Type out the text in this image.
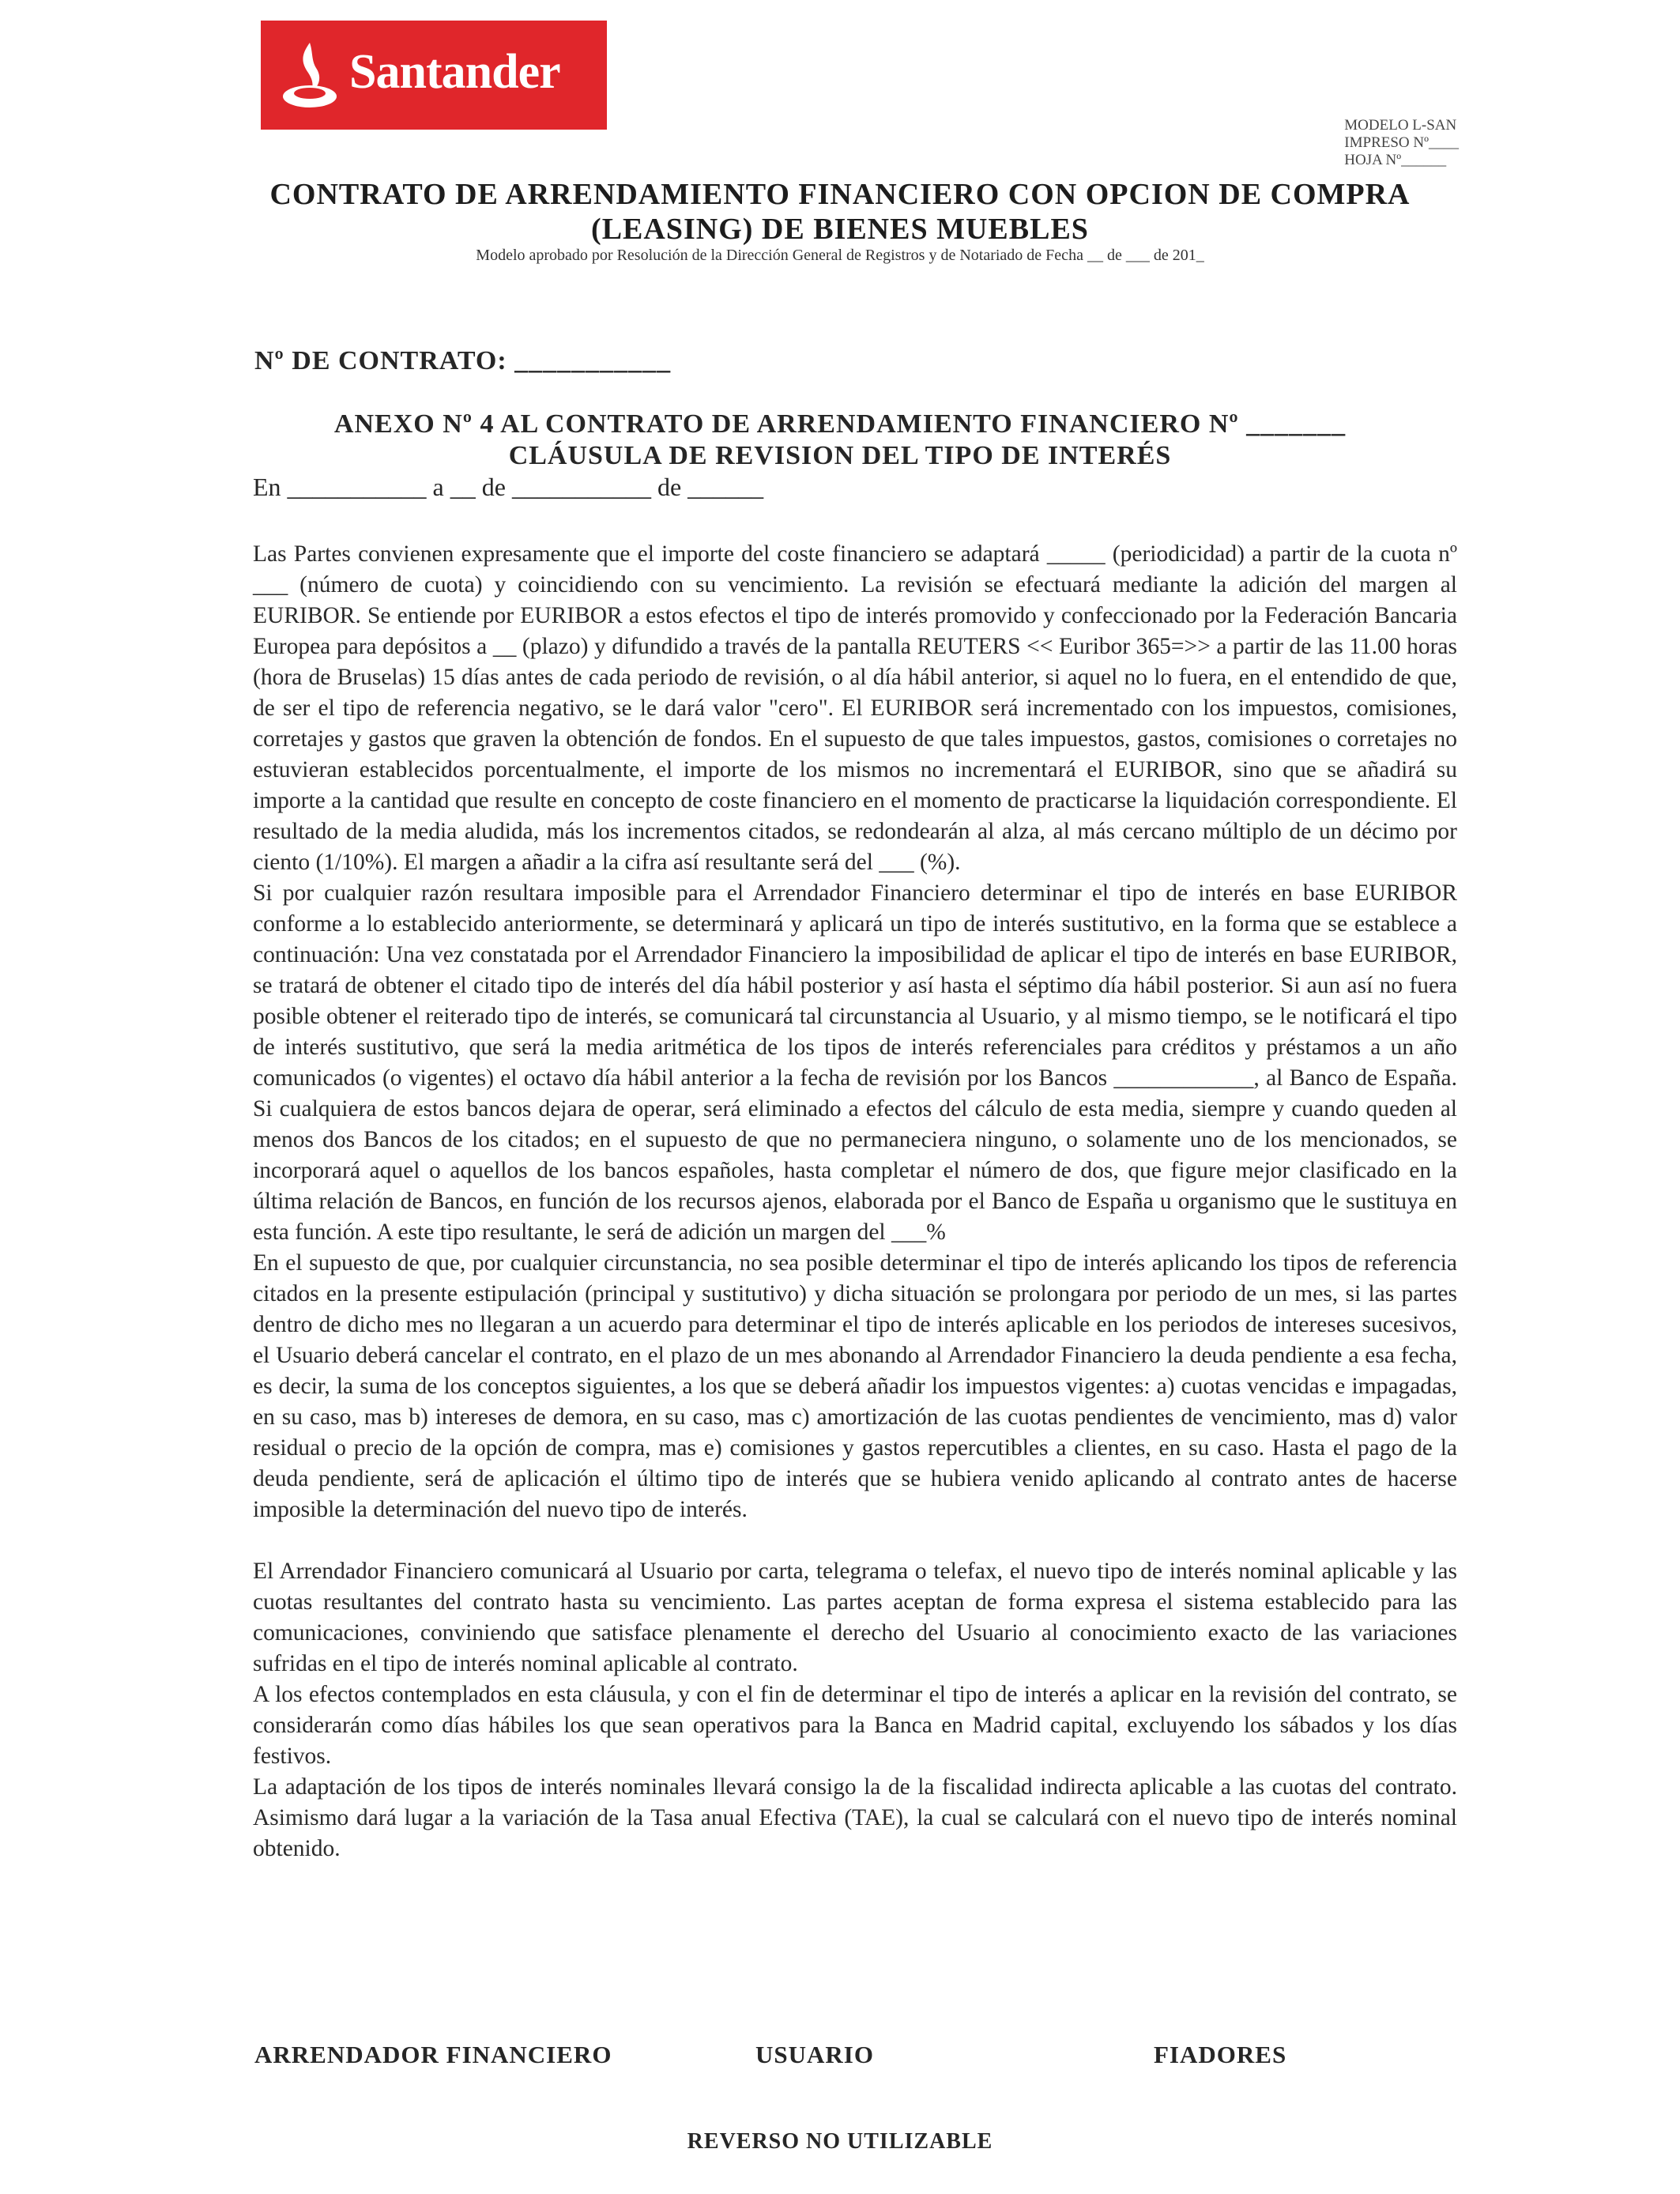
Santander
MODELO L-SAN
IMPRESO Nº____
HOJA Nº______
CONTRATO DE ARRENDAMIENTO FINANCIERO CON OPCION DE COMPRA
(LEASING) DE BIENES MUEBLES
Modelo aprobado por Resolución de la Dirección General de Registros y de Notariado de Fecha __ de ___ de 201_
Nº DE CONTRATO: ___________
ANEXO Nº 4 AL CONTRATO DE ARRENDAMIENTO FINANCIERO Nº _______
CLÁUSULA DE REVISION DEL TIPO DE INTERÉS
En ___________ a __ de ___________ de ______

Las Partes convienen expresamente que el importe del coste financiero se adaptará _____ (periodicidad) a partir de la cuota nº ___ (número de cuota) y coincidiendo con su vencimiento. La revisión se efectuará mediante la adición del margen al EURIBOR. Se entiende por EURIBOR a estos efectos el tipo de interés promovido y confeccionado por la Federación Bancaria Europea para depósitos a __ (plazo) y difundido a través de la pantalla REUTERS << Euribor 365=>> a partir de las 11.00 horas (hora de Bruselas) 15 días antes de cada periodo de revisión, o al día hábil anterior, si aquel no lo fuera, en el entendido de que, de ser el tipo de referencia negativo, se le dará valor "cero". El EURIBOR será incrementado con los impuestos, comisiones, corretajes y gastos que graven la obtención de fondos. En el supuesto de que tales impuestos, gastos, comisiones o corretajes no estuvieran establecidos porcentualmente, el importe de los mismos no incrementará el EURIBOR, sino que se añadirá su importe a la cantidad que resulte en concepto de coste financiero en el momento de practicarse la liquidación correspondiente. El resultado de la media aludida, más los incrementos citados, se redondearán al alza, al más cercano múltiplo de un décimo por ciento (1/10%). El margen a añadir a la cifra así resultante será del ___ (%).

Si por cualquier razón resultara imposible para el Arrendador Financiero determinar el tipo de interés en base EURIBOR conforme a lo establecido anteriormente, se determinará y aplicará un tipo de interés sustitutivo, en la forma que se establece a continuación: Una vez constatada por el Arrendador Financiero la imposibilidad de aplicar el tipo de interés en base EURIBOR, se tratará de obtener el citado tipo de interés del día hábil posterior y así hasta el séptimo día hábil posterior. Si aun así no fuera posible obtener el reiterado tipo de interés, se comunicará tal circunstancia al Usuario, y al mismo tiempo, se le notificará el tipo de interés sustitutivo, que será la media aritmética de los tipos de interés referenciales para créditos y préstamos a un año comunicados (o vigentes) el octavo día hábil anterior a la fecha de revisión por los Bancos ____________, al Banco de España. Si cualquiera de estos bancos dejara de operar, será eliminado a efectos del cálculo de esta media, siempre y cuando queden al menos dos Bancos de los citados; en el supuesto de que no permaneciera ninguno, o solamente uno de los mencionados, se incorporará aquel o aquellos de los bancos españoles, hasta completar el número de dos, que figure mejor clasificado en la última relación de Bancos, en función de los recursos ajenos, elaborada por el Banco de España u organismo que le sustituya en esta función. A este tipo resultante, le será de adición un margen del ___%

En el supuesto de que, por cualquier circunstancia, no sea posible determinar el tipo de interés aplicando los tipos de referencia citados en la presente estipulación (principal y sustitutivo) y dicha situación se prolongara por periodo de un mes, si las partes dentro de dicho mes no llegaran a un acuerdo para determinar el tipo de interés aplicable en los periodos de intereses sucesivos, el Usuario deberá cancelar el contrato, en el plazo de un mes abonando al Arrendador Financiero la deuda pendiente a esa fecha, es decir, la suma de los conceptos siguientes, a los que se deberá añadir los impuestos vigentes: a) cuotas vencidas e impagadas, en su caso, mas b) intereses de demora, en su caso, mas c) amortización de las cuotas pendientes de vencimiento, mas d) valor residual o precio de la opción de compra, mas e) comisiones y gastos repercutibles a clientes, en su caso. Hasta el pago de la deuda pendiente, será de aplicación el último tipo de interés que se hubiera venido aplicando al contrato antes de hacerse imposible la determinación del nuevo tipo de interés.

El Arrendador Financiero comunicará al Usuario por carta, telegrama o telefax, el nuevo tipo de interés nominal aplicable y las cuotas resultantes del contrato hasta su vencimiento. Las partes aceptan de forma expresa el sistema establecido para las comunicaciones, conviniendo que satisface plenamente el derecho del Usuario al conocimiento exacto de las variaciones sufridas en el tipo de interés nominal aplicable al contrato.

A los efectos contemplados en esta cláusula, y con el fin de determinar el tipo de interés a aplicar en la revisión del contrato, se considerarán como días hábiles los que sean operativos para la Banca en Madrid capital, excluyendo los sábados y los días festivos.

La adaptación de los tipos de interés nominales llevará consigo la de la fiscalidad indirecta aplicable a las cuotas del contrato. Asimismo dará lugar a la variación de la Tasa anual Efectiva (TAE), la cual se calculará con el nuevo tipo de interés nominal obtenido.

ARRENDADOR FINANCIERO	USUARIO	FIADORES
REVERSO NO UTILIZABLE
